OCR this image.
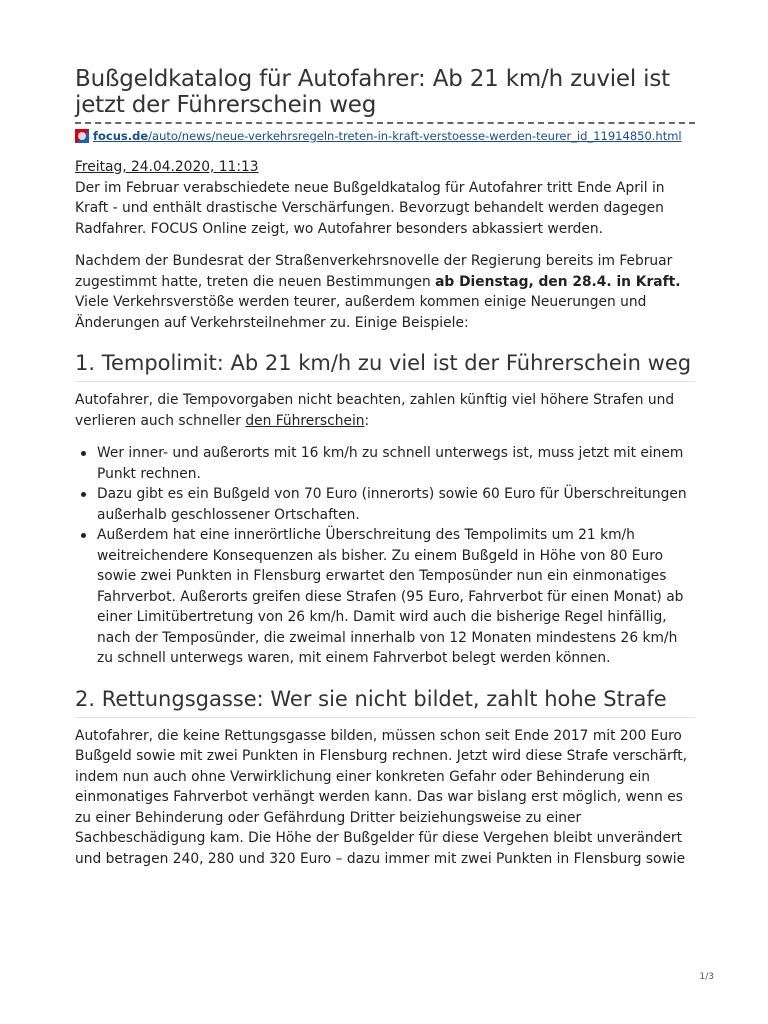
Bußgeldkatalog für Autofahrer: Ab 21 km/h zuviel ist jetzt der Führerschein weg
focus.de /auto/news/neue-verkehrsregeln-treten-in-kraft-verstoesse-werden-teurer_id_11914850.html
Freitag, 24.04.2020, 11:13

Der im Februar verabschiedete neue Bußgeldkatalog für Autofahrer tritt Ende April in Kraft - und enthält drastische Verschärfungen. Bevorzugt behandelt werden dagegen Radfahrer. FOCUS Online zeigt, wo Autofahrer besonders abkassiert werden.

Nachdem der Bundesrat der Straßenverkehrsnovelle der Regierung bereits im Februar zugestimmt hatte, treten die neuen Bestimmungen ab Dienstag, den 28.4. in Kraft. Viele Verkehrsverstöße werden teurer, außerdem kommen einige Neuerungen und Änderungen auf Verkehrsteilnehmer zu. Einige Beispiele:

1. Tempolimit: Ab 21 km/h zu viel ist der Führerschein weg

Autofahrer, die Tempovorgaben nicht beachten, zahlen künftig viel höhere Strafen und verlieren auch schneller den Führerschein:

Wer inner- und außerorts mit 16 km/h zu schnell unterwegs ist, muss jetzt mit einem Punkt rechnen.
Dazu gibt es ein Bußgeld von 70 Euro (innerorts) sowie 60 Euro für Überschreitungen außerhalb geschlossener Ortschaften.
Außerdem hat eine innerörtliche Überschreitung des Tempolimits um 21 km/h weitreichendere Konsequenzen als bisher. Zu einem Bußgeld in Höhe von 80 Euro sowie zwei Punkten in Flensburg erwartet den Temposünder nun ein einmonatiges Fahrverbot. Außerorts greifen diese Strafen (95 Euro, Fahrverbot für einen Monat) ab einer Limitübertretung von 26 km/h. Damit wird auch die bisherige Regel hinfällig, nach der Temposünder, die zweimal innerhalb von 12 Monaten mindestens 26 km/h zu schnell unterwegs waren, mit einem Fahrverbot belegt werden können.
2. Rettungsgasse: Wer sie nicht bildet, zahlt hohe Strafe

Autofahrer, die keine Rettungsgasse bilden, müssen schon seit Ende 2017 mit 200 Euro Bußgeld sowie mit zwei Punkten in Flensburg rechnen. Jetzt wird diese Strafe verschärft, indem nun auch ohne Verwirklichung einer konkreten Gefahr oder Behinderung ein einmonatiges Fahrverbot verhängt werden kann. Das war bislang erst möglich, wenn es zu einer Behinderung oder Gefährdung Dritter beiziehungsweise zu einer Sachbeschädigung kam. Die Höhe der Bußgelder für diese Vergehen bleibt unverändert und betragen 240, 280 und 320 Euro – dazu immer mit zwei Punkten in Flensburg sowie

1/3
